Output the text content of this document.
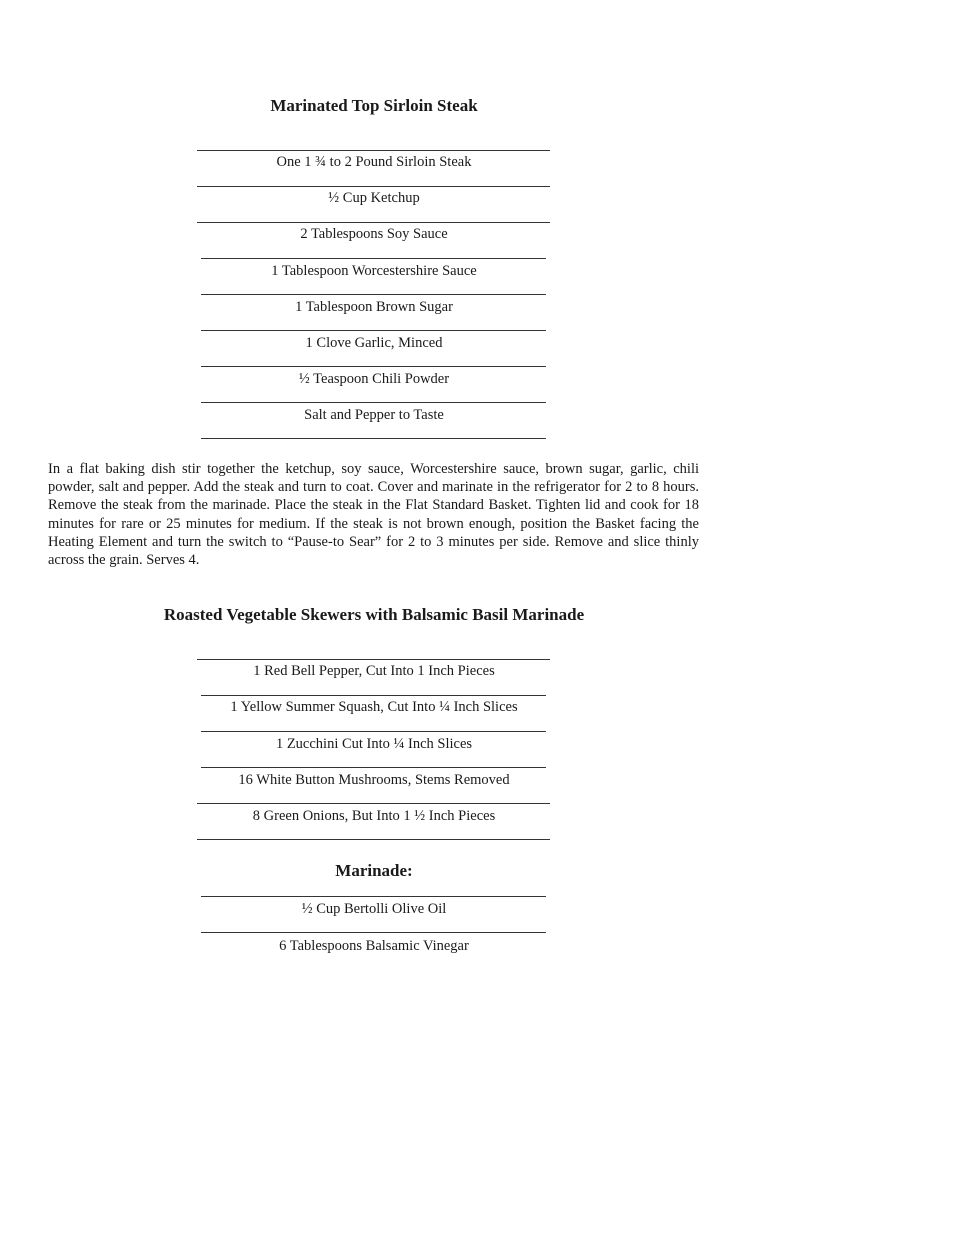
Marinated Top Sirloin Steak
One 1 ¾ to 2 Pound Sirloin Steak
½ Cup Ketchup
2 Tablespoons Soy Sauce
1 Tablespoon Worcestershire Sauce
1 Tablespoon Brown Sugar
1 Clove Garlic, Minced
½ Teaspoon Chili Powder
Salt and Pepper to Taste

In a flat baking dish stir together the ketchup, soy sauce, Worcestershire sauce, brown sugar, garlic, chili powder, salt and pepper. Add the steak and turn to coat. Cover and marinate in the refrigerator for 2 to 8 hours. Remove the steak from the marinade. Place the steak in the Flat Standard Basket. Tighten lid and cook for 18 minutes for rare or 25 minutes for medium. If the steak is not brown enough, position the Basket facing the Heating Element and turn the switch to “Pause-to Sear” for 2 to 3 minutes per side. Remove and slice thinly across the grain. Serves 4.

Roasted Vegetable Skewers with Balsamic Basil Marinade
1 Red Bell Pepper, Cut Into 1 Inch Pieces
1 Yellow Summer Squash, Cut Into ¼ Inch Slices
1 Zucchini Cut Into ¼ Inch Slices
16 White Button Mushrooms, Stems Removed
8 Green Onions, But Into 1 ½ Inch Pieces
Marinade:
½ Cup Bertolli Olive Oil
6 Tablespoons Balsamic Vinegar
